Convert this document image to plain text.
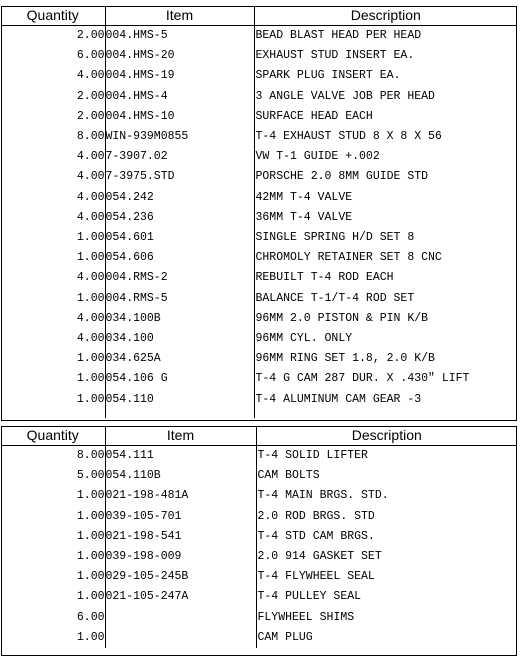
Quantity	Item	Description
2.00	004.HMS-5	BEAD BLAST HEAD PER HEAD
6.00	004.HMS-20	EXHAUST STUD INSERT EA.
4.00	004.HMS-19	SPARK PLUG INSERT EA.
2.00	004.HMS-4	3 ANGLE VALVE JOB PER HEAD
2.00	004.HMS-10	SURFACE HEAD EACH
8.00	WIN-939M0855	T-4 EXHAUST STUD 8 X 8 X 56
4.00	7-3907.02	VW T-1 GUIDE +.002
4.00	7-3975.STD	PORSCHE 2.0 8MM GUIDE STD
4.00	054.242	42MM T-4 VALVE
4.00	054.236	36MM T-4 VALVE
1.00	054.601	SINGLE SPRING H/D SET 8
1.00	054.606	CHROMOLY RETAINER SET 8 CNC
4.00	004.RMS-2	REBUILT T-4 ROD EACH
1.00	004.RMS-5	BALANCE T-1/T-4 ROD SET
4.00	034.100B	96MM 2.0 PISTON & PIN K/B
4.00	034.100	96MM CYL. ONLY
1.00	034.625A	96MM RING SET 1.8, 2.0 K/B
1.00	054.106 G	T-4 G CAM 287 DUR. X .430" LIFT
1.00	054.110	T-4 ALUMINUM CAM GEAR -3

Quantity	Item	Description
8.00	054.111	T-4 SOLID LIFTER
5.00	054.110B	CAM BOLTS
1.00	021-198-481A	T-4 MAIN BRGS. STD.
1.00	039-105-701	2.0 ROD BRGS. STD
1.00	021-198-541	T-4 STD CAM BRGS.
1.00	039-198-009	2.0 914 GASKET SET
1.00	029-105-245B	T-4 FLYWHEEL SEAL
1.00	021-105-247A	T-4 PULLEY SEAL
6.00		FLYWHEEL SHIMS
1.00		CAM PLUG
